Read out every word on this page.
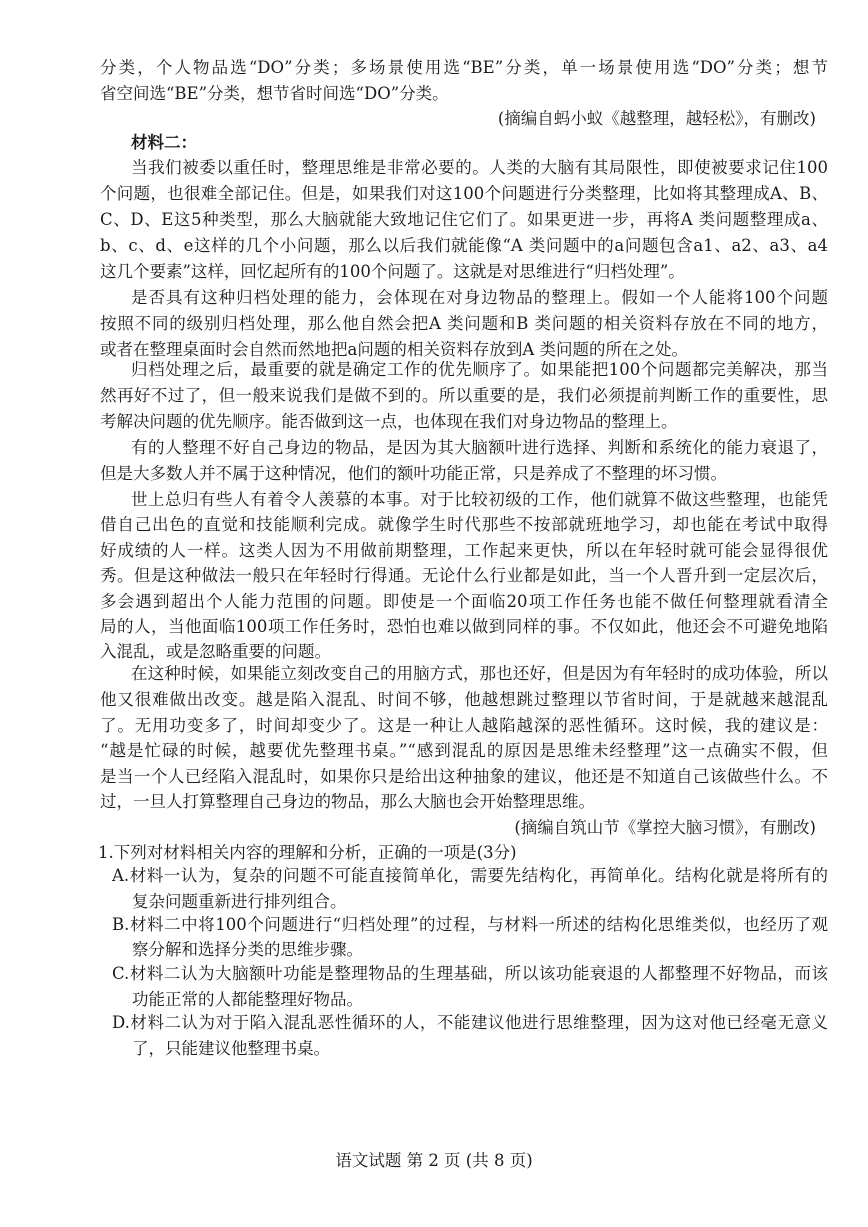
分类，个人物品选“DO”分类；多场景使用选“BE”分类，单一场景使用选“DO”分类；想节
省空间选“BE”分类，想节省时间选“DO”分类。
(摘编自蚂小蚁《越整理，越轻松》，有删改)
材料二：
当我们被委以重任时，整理思维是非常必要的。人类的大脑有其局限性，即使被要求记住100
个问题，也很难全部记住。但是，如果我们对这100个问题进行分类整理，比如将其整理成A、B、
C、D、E这5种类型，那么大脑就能大致地记住它们了。如果更进一步，再将A 类问题整理成a、
b、c、d、e这样的几个小问题，那么以后我们就能像“A 类问题中的a问题包含a1、a2、a3、a4
这几个要素”这样，回忆起所有的100个问题了。这就是对思维进行“归档处理”。
是否具有这种归档处理的能力，会体现在对身边物品的整理上。假如一个人能将100个问题
按照不同的级别归档处理，那么他自然会把A 类问题和B 类问题的相关资料存放在不同的地方，
或者在整理桌面时会自然而然地把a问题的相关资料存放到A 类问题的所在之处。
归档处理之后，最重要的就是确定工作的优先顺序了。如果能把100个问题都完美解决，那当
然再好不过了，但一般来说我们是做不到的。所以重要的是，我们必须提前判断工作的重要性，思
考解决问题的优先顺序。能否做到这一点，也体现在我们对身边物品的整理上。
有的人整理不好自己身边的物品，是因为其大脑额叶进行选择、判断和系统化的能力衰退了，
但是大多数人并不属于这种情况，他们的额叶功能正常，只是养成了不整理的坏习惯。
世上总归有些人有着令人羡慕的本事。对于比较初级的工作，他们就算不做这些整理，也能凭
借自己出色的直觉和技能顺利完成。就像学生时代那些不按部就班地学习，却也能在考试中取得
好成绩的人一样。这类人因为不用做前期整理，工作起来更快，所以在年轻时就可能会显得很优
秀。但是这种做法一般只在年轻时行得通。无论什么行业都是如此，当一个人晋升到一定层次后，
多会遇到超出个人能力范围的问题。即使是一个面临20项工作任务也能不做任何整理就看清全
局的人，当他面临100项工作任务时，恐怕也难以做到同样的事。不仅如此，他还会不可避免地陷
入混乱，或是忽略重要的问题。
在这种时候，如果能立刻改变自己的用脑方式，那也还好，但是因为有年轻时的成功体验，所以
他又很难做出改变。越是陷入混乱、时间不够，他越想跳过整理以节省时间，于是就越来越混乱
了。无用功变多了，时间却变少了。这是一种让人越陷越深的恶性循环。这时候，我的建议是：
“越是忙碌的时候，越要优先整理书桌。”“感到混乱的原因是思维未经整理”这一点确实不假，但
是当一个人已经陷入混乱时，如果你只是给出这种抽象的建议，他还是不知道自己该做些什么。不
过，一旦人打算整理自己身边的物品，那么大脑也会开始整理思维。
(摘编自筑山节《掌控大脑习惯》，有删改)
1.下列对材料相关内容的理解和分析，正确的一项是(3分)
A.材料一认为，复杂的问题不可能直接简单化，需要先结构化，再简单化。结构化就是将所有的
复杂问题重新进行排列组合。
B.材料二中将100个问题进行“归档处理”的过程，与材料一所述的结构化思维类似，也经历了观
察分解和选择分类的思维步骤。
C.材料二认为大脑额叶功能是整理物品的生理基础，所以该功能衰退的人都整理不好物品，而该
功能正常的人都能整理好物品。
D.材料二认为对于陷入混乱恶性循环的人，不能建议他进行思维整理，因为这对他已经毫无意义
了，只能建议他整理书桌。
语文试题 第 2 页 (共 8 页)
